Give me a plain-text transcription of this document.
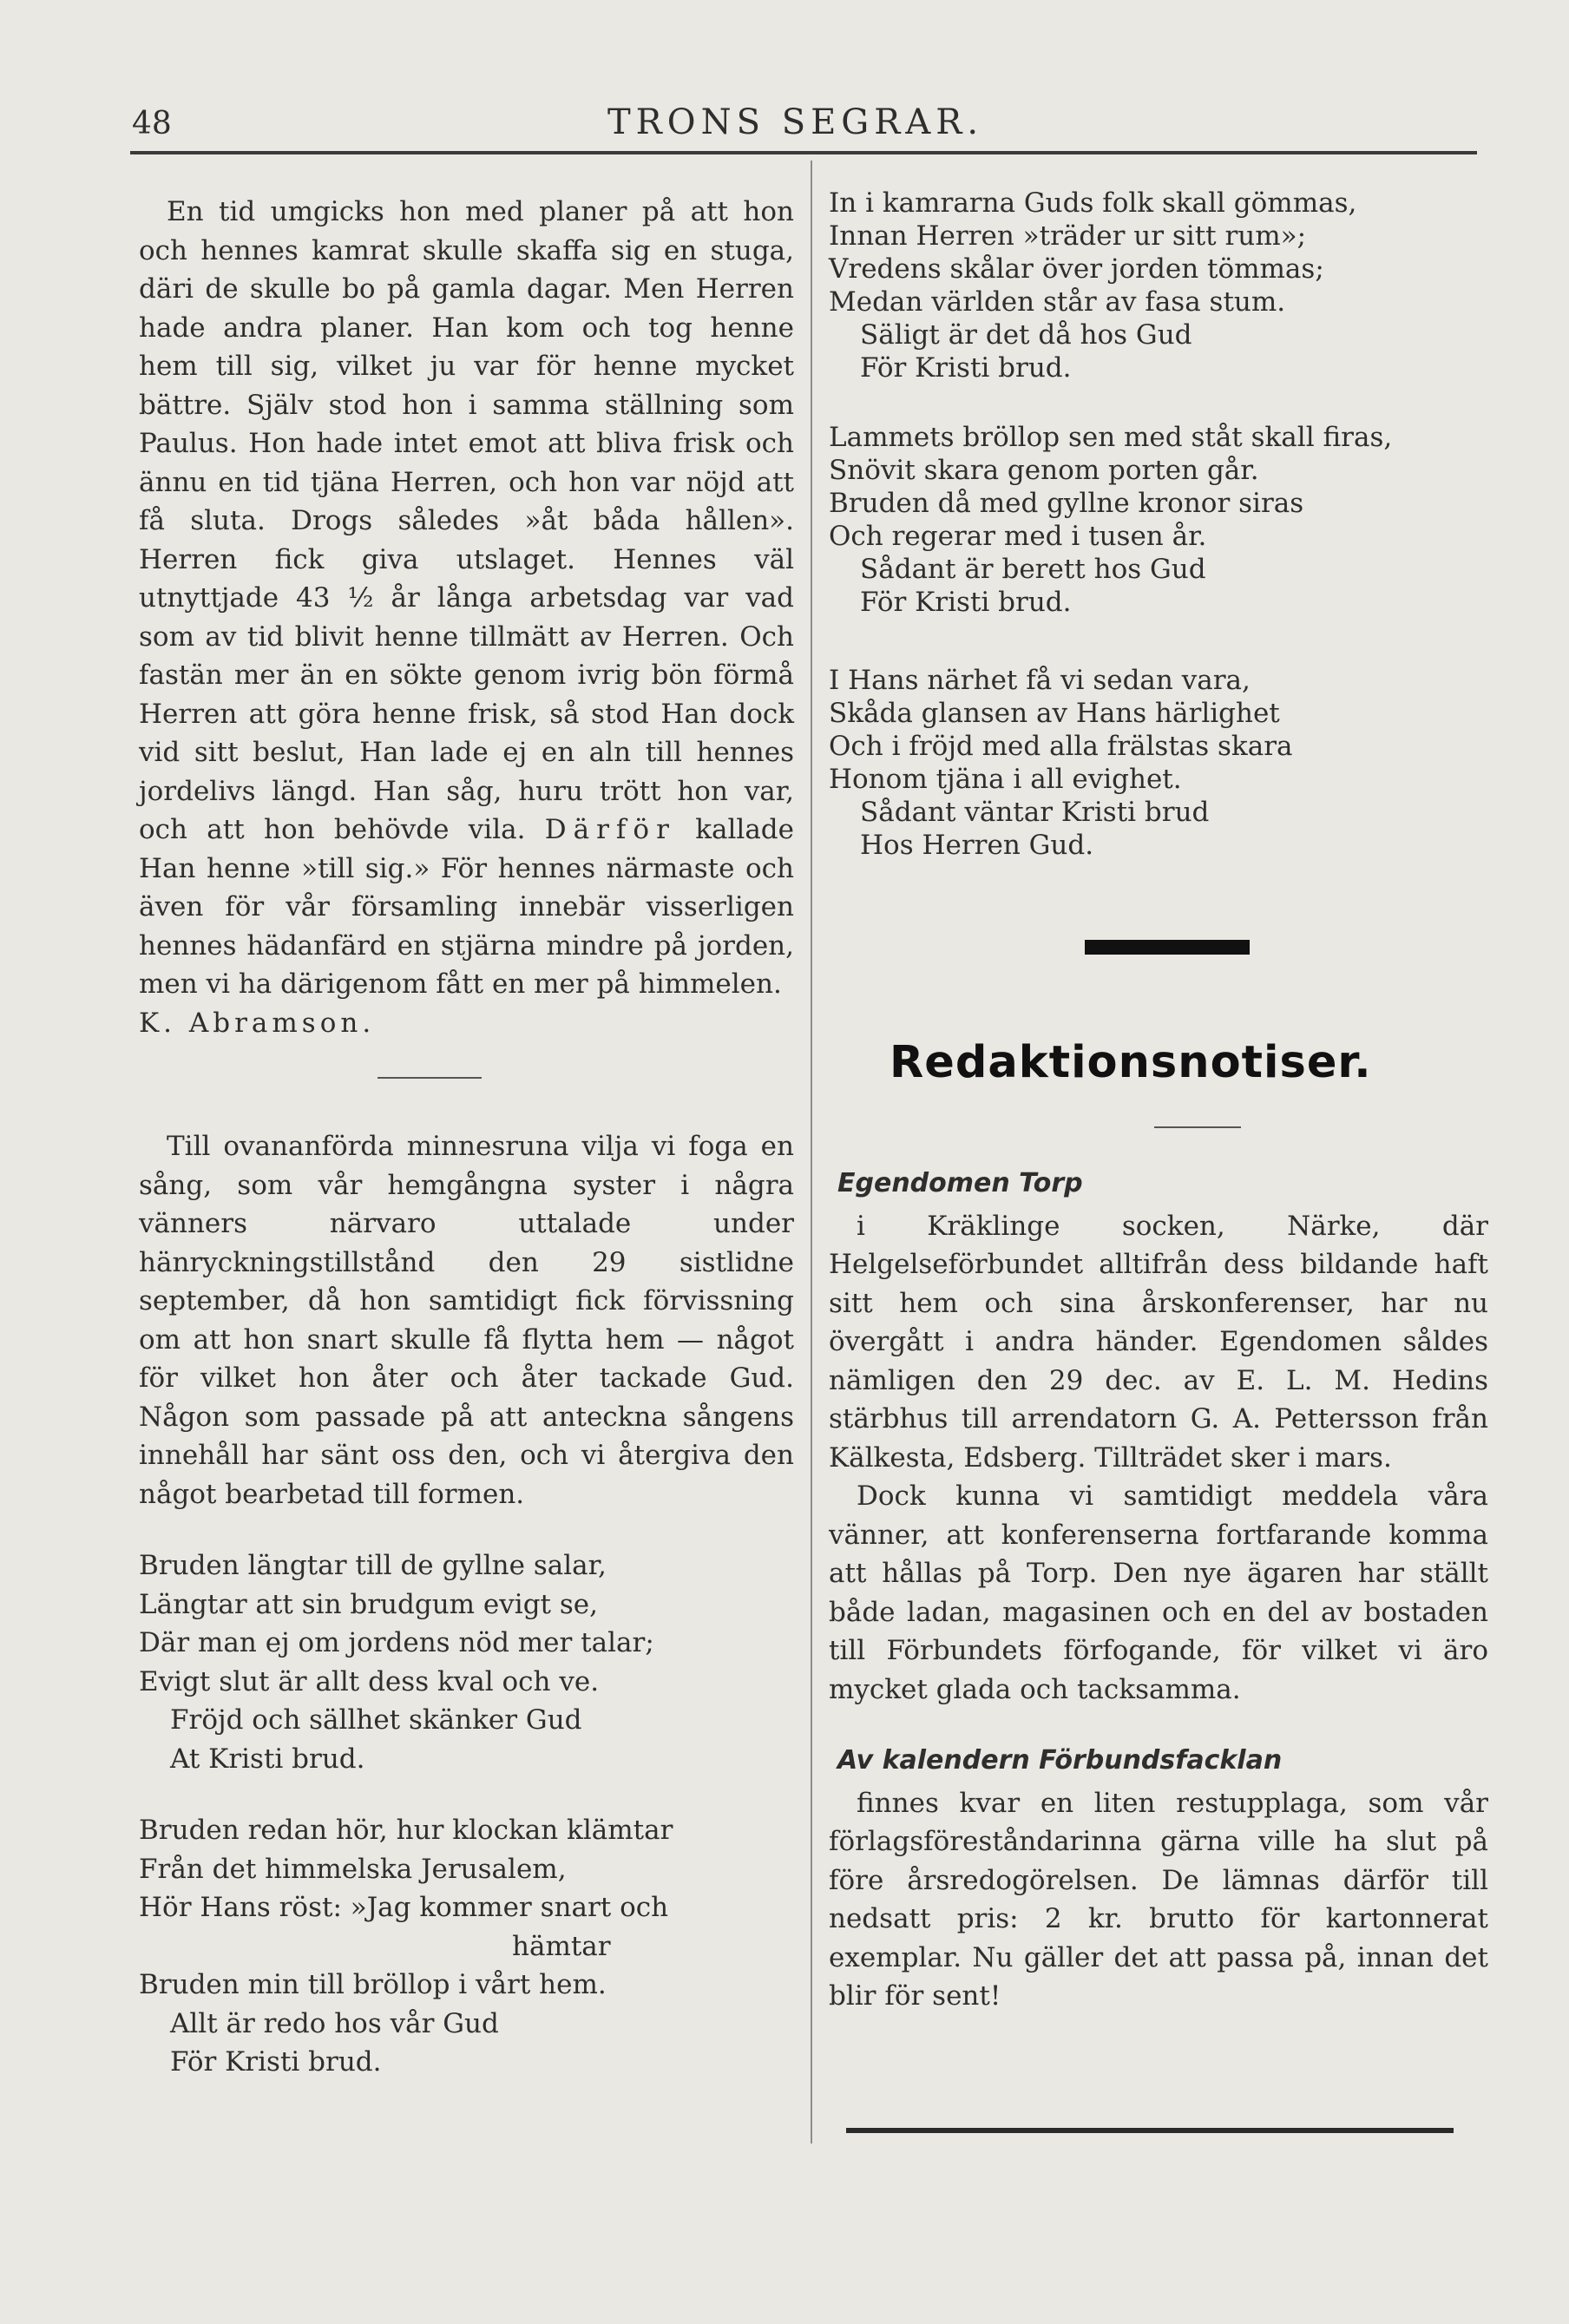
48	TRONS SEGRAR.

En tid umgicks hon med planer på att hon och hennes kamrat skulle skaffa sig en stuga, däri de skulle bo på gamla dagar. Men Herren hade andra planer. Han kom och tog henne hem till sig, vilket ju var för henne mycket bättre. Själv stod hon i samma ställning som Paulus. Hon hade intet emot att bliva frisk och ännu en tid tjäna Herren, och hon var nöjd att få sluta. Drogs således »åt båda hållen». Herren fick giva utslaget. Hennes väl utnyttjade 43 ½ år långa arbetsdag var vad som av tid blivit henne tillmätt av Herren. Och fastän mer än en sökte genom ivrig bön förmå Herren att göra henne frisk, så stod Han dock vid sitt beslut, Han lade ej en aln till hennes jordelivs längd. Han såg, huru trött hon var, och att hon behövde vila. Därför kallade Han henne »till sig.» För hennes närmaste och även för vår församling innebär visserligen hennes hädanfärd en stjärna mindre på jorden, men vi ha därigenom fått en mer på himmelen.

K. Abramson.

Till ovananförda minnesruna vilja vi foga en sång, som vår hemgångna syster i några vänners närvaro uttalade under hänryckningstillstånd den 29 sistlidne september, då hon samtidigt fick förvissning om att hon snart skulle få flytta hem — något för vilket hon åter och åter tackade Gud. Någon som passade på att anteckna sångens innehåll har sänt oss den, och vi återgiva den något bearbetad till formen.

Bruden längtar till de gyllne salar,
Längtar att sin brudgum evigt se,
Där man ej om jordens nöd mer talar;
Evigt slut är allt dess kval och ve.
Fröjd och sällhet skänker Gud
At Kristi brud.
Bruden redan hör, hur klockan klämtar
Från det himmelska Jerusalem,
Hör Hans röst: »Jag kommer snart och
hämtar
Bruden min till bröllop i vårt hem.
Allt är redo hos vår Gud
För Kristi brud.
In i kamrarna Guds folk skall gömmas,
Innan Herren »träder ur sitt rum»;
Vredens skålar över jorden tömmas;
Medan världen står av fasa stum.
Säligt är det då hos Gud
För Kristi brud.
Lammets bröllop sen med ståt skall firas,
Snövit skara genom porten går.
Bruden då med gyllne kronor siras
Och regerar med i tusen år.
Sådant är berett hos Gud
För Kristi brud.
I Hans närhet få vi sedan vara,
Skåda glansen av Hans härlighet
Och i fröjd med alla frälstas skara
Honom tjäna i all evighet.
Sådant väntar Kristi brud
Hos Herren Gud.
Redaktionsnotiser.
Egendomen Torp

i Kräklinge socken, Närke, där Helgelseförbundet alltifrån dess bildande haft sitt hem och sina årskonferenser, har nu övergått i andra händer. Egendomen såldes nämligen den 29 dec. av E. L. M. Hedins stärbhus till arrendatorn G. A. Pettersson från Kälkesta, Edsberg. Tillträdet sker i mars.

Dock kunna vi samtidigt meddela våra vänner, att konferenserna fortfarande komma att hållas på Torp. Den nye ägaren har ställt både ladan, magasinen och en del av bostaden till Förbundets förfogande, för vilket vi äro mycket glada och tacksamma.

Av kalendern Förbundsfacklan

finnes kvar en liten restupplaga, som vår förlagsföreståndarinna gärna ville ha slut på före årsredogörelsen. De lämnas därför till nedsatt pris: 2 kr. brutto för kartonnerat exemplar. Nu gäller det att passa på, innan det blir för sent!
